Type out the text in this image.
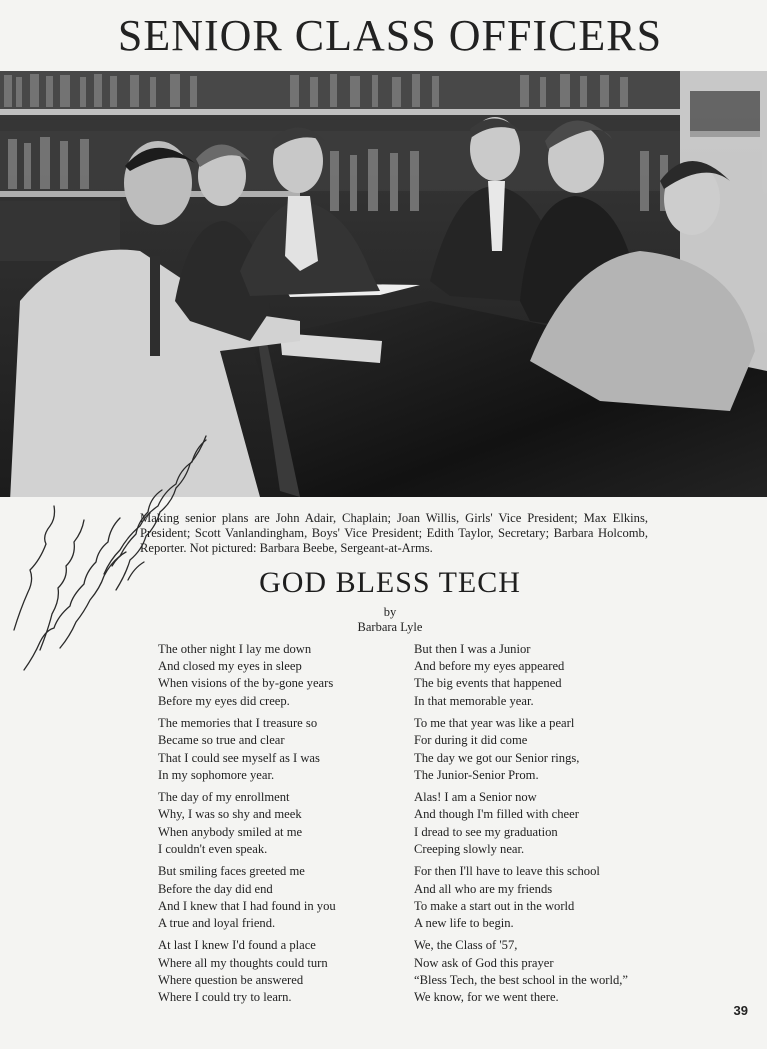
SENIOR CLASS OFFICERS
Making senior plans are John Adair, Chaplain; Joan Willis, Girls' Vice President; Max Elkins, President; Scott Vanlandingham, Boys' Vice President; Edith Taylor, Secretary; Barbara Holcomb, Reporter. Not pictured: Barbara Beebe, Sergeant-at-Arms.
GOD BLESS TECH
by
Barbara Lyle
The other night I lay me down
And closed my eyes in sleep
When visions of the by-gone years
Before my eyes did creep.
The memories that I treasure so
Became so true and clear
That I could see myself as I was
In my sophomore year.
The day of my enrollment
Why, I was so shy and meek
When anybody smiled at me
I couldn't even speak.
But smiling faces greeted me
Before the day did end
And I knew that I had found in you
A true and loyal friend.
At last I knew I'd found a place
Where all my thoughts could turn
Where question be answered
Where I could try to learn.
But then I was a Junior
And before my eyes appeared
The big events that happened
In that memorable year.
To me that year was like a pearl
For during it did come
The day we got our Senior rings,
The Junior-Senior Prom.
Alas! I am a Senior now
And though I'm filled with cheer
I dread to see my graduation
Creeping slowly near.
For then I'll have to leave this school
And all who are my friends
To make a start out in the world
A new life to begin.
We, the Class of '57,
Now ask of God this prayer
“Bless Tech, the best school in the world,”
We know, for we went there.
39
